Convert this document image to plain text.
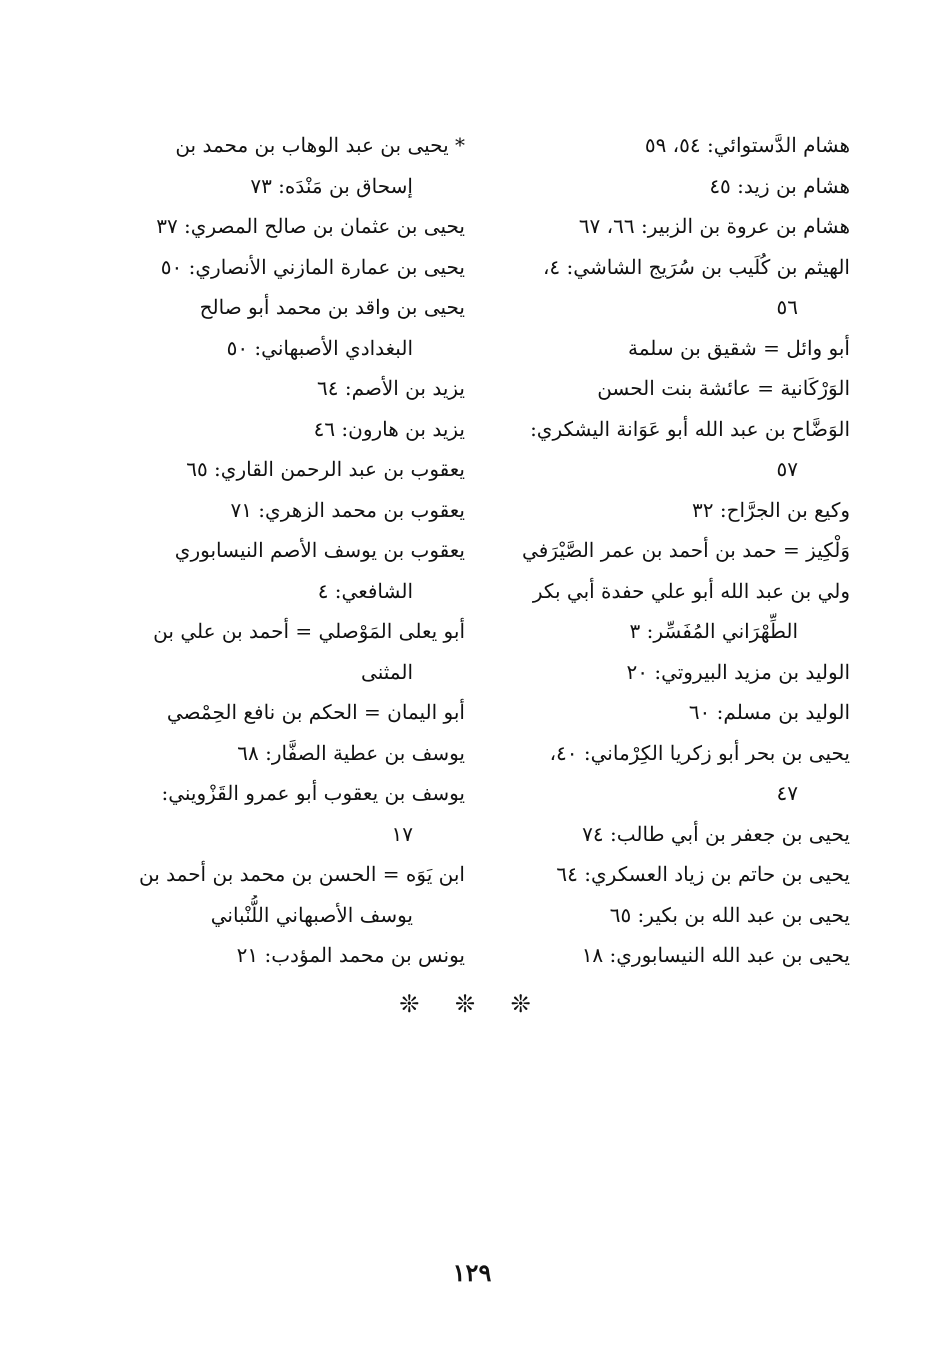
هشام الدَّستوائي: ٥٤، ٥٩
هشام بن زيد: ٤٥
هشام بن عروة بن الزبير: ٦٦، ٦٧
الهيثم بن كُلَيب بن سُرَيج الشاشي: ٤،
٥٦
أبو وائل = شقيق بن سلمة
الوَرْكَانية = عائشة بنت الحسن
الوَضَّاح بن عبد الله أبو عَوَانة اليشكري:
٥٧
وكيع بن الجرَّاح: ٣٢
وَلْكِيز = حمد بن أحمد بن عمر الصَّيْرَفي
ولي بن عبد الله أبو علي حفدة أبي بكر
الطِّهْرَاني المُفَسِّر: ٣
الوليد بن مزيد البيروتي: ٢٠
الوليد بن مسلم: ٦٠
يحيى بن بحر أبو زكريا الكِرْماني: ٤٠،
٤٧
يحيى بن جعفر بن أبي طالب: ٧٤
يحيى بن حاتم بن زياد العسكري: ٦٤
يحيى بن عبد الله بن بكير: ٦٥
يحيى بن عبد الله النيسابوري: ١٨
* يحيى بن عبد الوهاب بن محمد بن
إسحاق بن مَنْدَه: ٧٣
يحيى بن عثمان بن صالح المصري: ٣٧
يحيى بن عمارة المازني الأنصاري: ٥٠
يحيى بن واقد بن محمد أبو صالح
البغدادي الأصبهاني: ٥٠
يزيد بن الأصم: ٦٤
يزيد بن هارون: ٤٦
يعقوب بن عبد الرحمن القاري: ٦٥
يعقوب بن محمد الزهري: ٧١
يعقوب بن يوسف الأصم النيسابوري
الشافعي: ٤
أبو يعلى المَوْصلي = أحمد بن علي بن
المثنى
أبو اليمان = الحكم بن نافع الحِمْصي
يوسف بن عطية الصفَّار: ٦٨
يوسف بن يعقوب أبو عمرو القَزْويني:
١٧
ابن يَوَه = الحسن بن محمد بن أحمد بن
يوسف الأصبهاني اللُّنْباني
يونس بن محمد المؤدب: ٢١
❊ ❊ ❊
١٢٩
